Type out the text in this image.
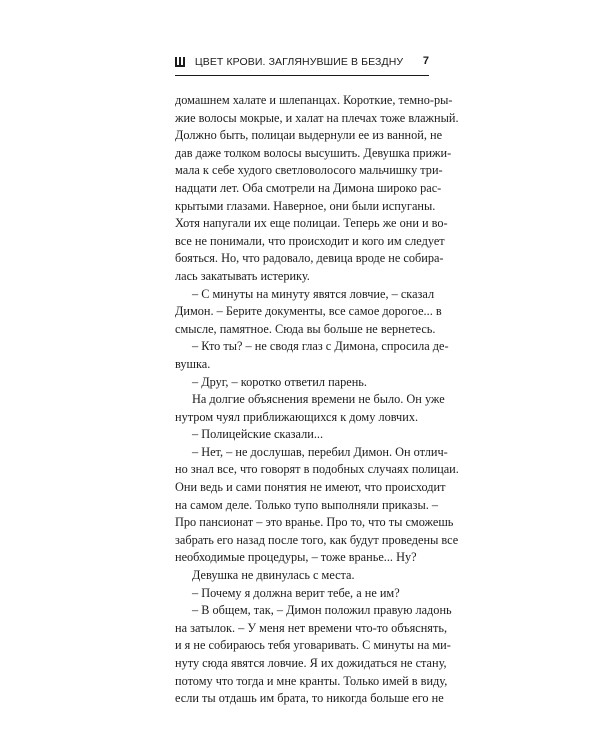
ЦВЕТ КРОВИ. ЗАГЛЯНУВШИЕ В БЕЗДНУ 7
домашнем халате и шлепанцах. Короткие, темно-ры-
жие волосы мокрые, и халат на плечах тоже влажный.
Должно быть, полицаи выдернули ее из ванной, не
дав даже толком волосы высушить. Девушка прижи-
мала к себе худого светловолосого мальчишку три-
надцати лет. Оба смотрели на Димона широко рас-
крытыми глазами. Наверное, они были испуганы.
Хотя напугали их еще полицаи. Теперь же они и во-
все не понимали, что происходит и кого им следует
бояться. Но, что радовало, девица вроде не собира-
лась закатывать истерику.
– С минуты на минуту явятся ловчие, – сказал
Димон. – Берите документы, все самое дорогое... в
смысле, памятное. Сюда вы больше не вернетесь.
– Кто ты? – не сводя глаз с Димона, спросила де-
вушка.
– Друг, – коротко ответил парень.
На долгие объяснения времени не было. Он уже
нутром чуял приближающихся к дому ловчих.
– Полицейские сказали...
– Нет, – не дослушав, перебил Димон. Он отлич-
но знал все, что говорят в подобных случаях полицаи.
Они ведь и сами понятия не имеют, что происходит
на самом деле. Только тупо выполняли приказы. –
Про пансионат – это вранье. Про то, что ты сможешь
забрать его назад после того, как будут проведены все
необходимые процедуры, – тоже вранье... Ну?
Девушка не двинулась с места.
– Почему я должна верит тебе, а не им?
– В общем, так, – Димон положил правую ладонь
на затылок. – У меня нет времени что-то объяснять,
и я не собираюсь тебя уговаривать. С минуты на ми-
нуту сюда явятся ловчие. Я их дожидаться не стану,
потому что тогда и мне кранты. Только имей в виду,
если ты отдашь им брата, то никогда больше его не
